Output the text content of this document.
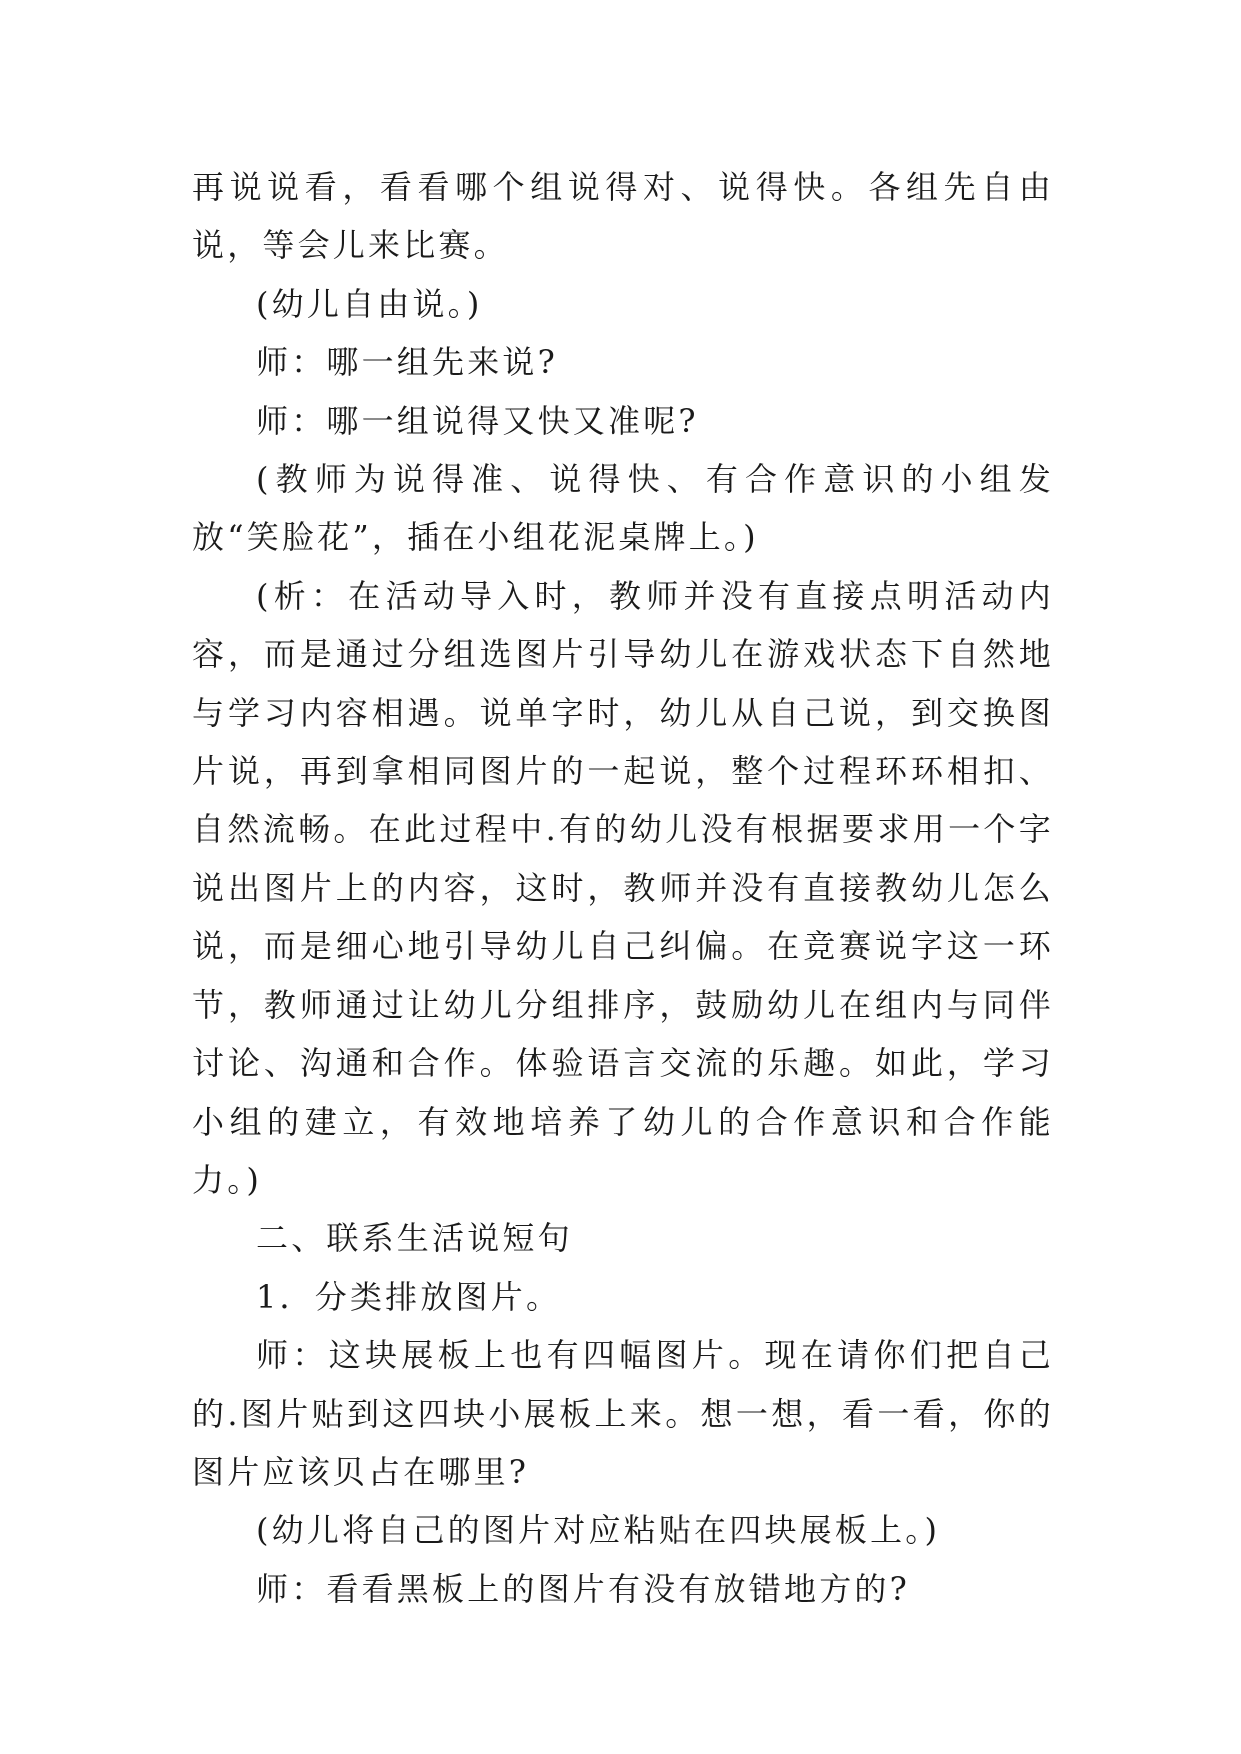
再说说看，看看哪个组说得对、说得快。各组先自由说，等会儿来比赛。

(幼儿自由说。)

师：哪一组先来说?

师：哪一组说得又快又准呢?

(教师为说得准、说得快、有合作意识的小组发放“笑脸花”，插在小组花泥桌牌上。)

(析：在活动导入时，教师并没有直接点明活动内容，而是通过分组选图片引导幼儿在游戏状态下自然地与学习内容相遇。说单字时，幼儿从自己说，到交换图片说，再到拿相同图片的一起说，整个过程环环相扣、自然流畅。在此过程中.有的幼儿没有根据要求用一个字说出图片上的内容，这时，教师并没有直接教幼儿怎么说，而是细心地引导幼儿自己纠偏。在竞赛说字这一环节，教师通过让幼儿分组排序，鼓励幼儿在组内与同伴讨论、沟通和合作。体验语言交流的乐趣。如此，学习小组的建立，有效地培养了幼儿的合作意识和合作能力。)

二、联系生活说短句

1．分类排放图片。

师：这块展板上也有四幅图片。现在请你们把自己的.图片贴到这四块小展板上来。想一想，看一看，你的图片应该贝占在哪里?

(幼儿将自己的图片对应粘贴在四块展板上。)

师：看看黑板上的图片有没有放错地方的?
